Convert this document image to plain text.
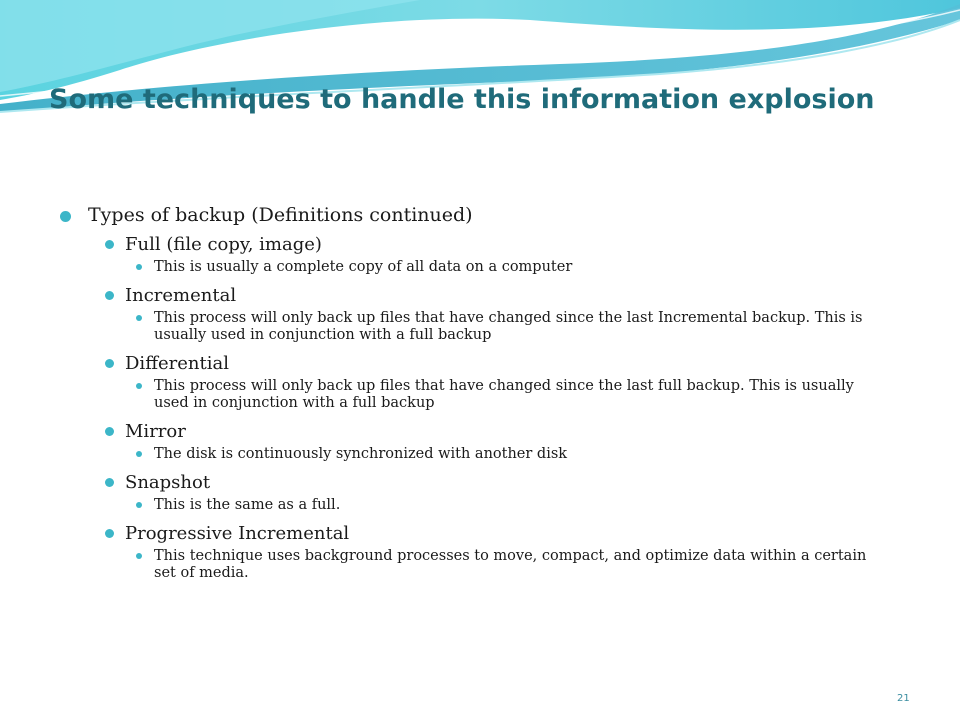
Some techniques to handle this information explosion
Types of backup (Definitions continued)
Full (file copy, image)
This is usually a complete copy of all data on a computer
Incremental
This process will only back up files that have changed since the last Incremental backup. This is usually used in conjunction with a full backup
Differential
This process will only back up files that have changed since the last full backup. This is usually used in conjunction with a full backup
Mirror
The disk is continuously synchronized with another disk
Snapshot
This is the same as a full.
Progressive Incremental
This technique uses background processes to move, compact, and optimize data within a certain set of media.
21
